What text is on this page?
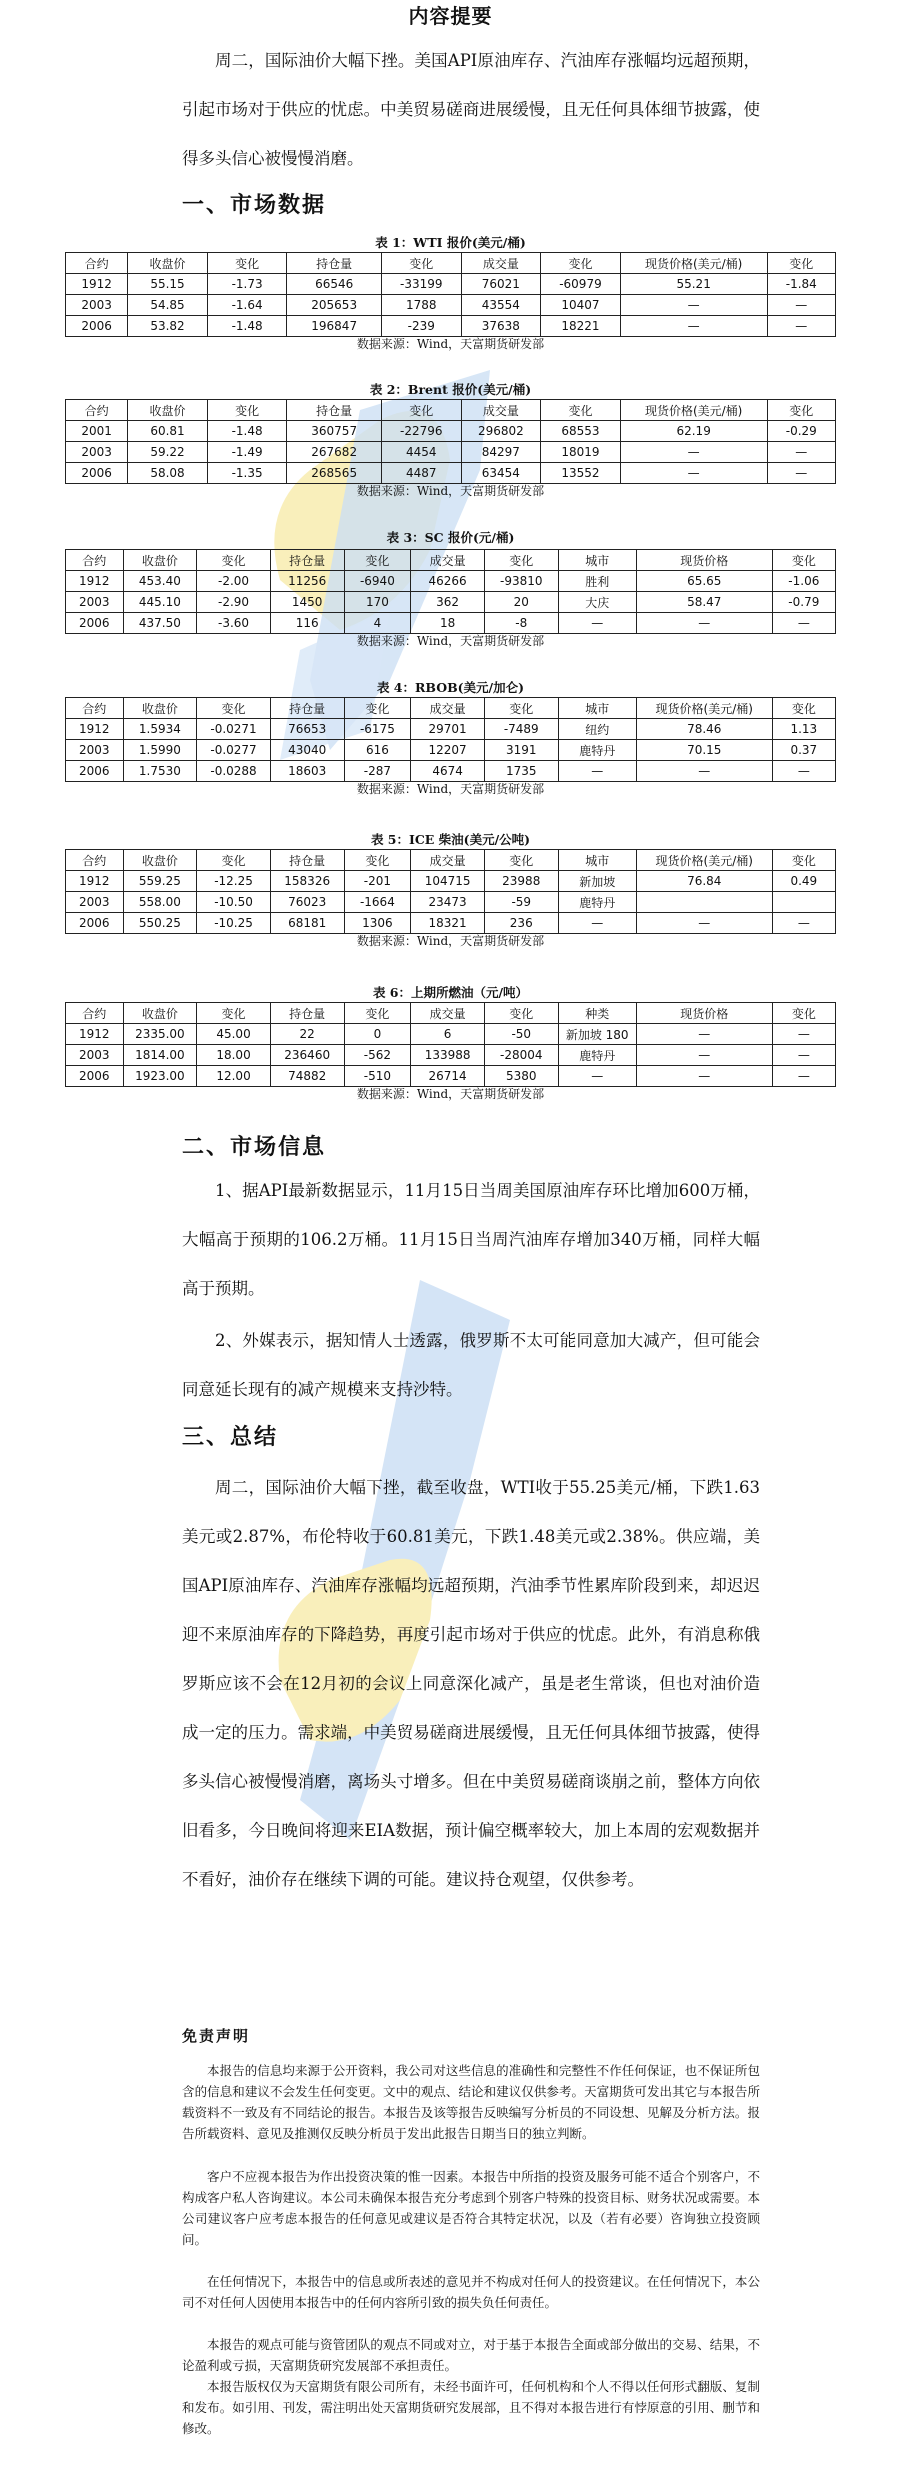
内容提要
周二，国际油价大幅下挫。美国API原油库存、汽油库存涨幅均远超预期，引起市场对于供应的忧虑。中美贸易磋商进展缓慢，且无任何具体细节披露，使得多头信心被慢慢消磨。
一、市场数据
表 1：WTI 报价(美元/桶)
合约	收盘价	变化	持仓量	变化	成交量	变化	现货价格(美元/桶)	变化
1912	55.15	-1.73	66546	-33199	76021	-60979	55.21	-1.84
2003	54.85	-1.64	205653	1788	43554	10407	—	—
2006	53.82	-1.48	196847	-239	37638	18221	—	—
数据来源：Wind，天富期货研发部
表 2：Brent 报价(美元/桶)
合约	收盘价	变化	持仓量	变化	成交量	变化	现货价格(美元/桶)	变化
2001	60.81	-1.48	360757	-22796	296802	68553	62.19	-0.29
2003	59.22	-1.49	267682	4454	84297	18019	—	—
2006	58.08	-1.35	268565	4487	63454	13552	—	—
数据来源：Wind，天富期货研发部
表 3：SC 报价(元/桶)
合约	收盘价	变化	持仓量	变化	成交量	变化	城市	现货价格	变化
1912	453.40	-2.00	11256	-6940	46266	-93810	胜利	65.65	-1.06
2003	445.10	-2.90	1450	170	362	20	大庆	58.47	-0.79
2006	437.50	-3.60	116	4	18	-8	—	—	—
数据来源：Wind，天富期货研发部
表 4：RBOB(美元/加仑)
合约	收盘价	变化	持仓量	变化	成交量	变化	城市	现货价格(美元/桶)	变化
1912	1.5934	-0.0271	76653	-6175	29701	-7489	纽约	78.46	1.13
2003	1.5990	-0.0277	43040	616	12207	3191	鹿特丹	70.15	0.37
2006	1.7530	-0.0288	18603	-287	4674	1735	—	—	—
数据来源：Wind，天富期货研发部
表 5：ICE 柴油(美元/公吨)
合约	收盘价	变化	持仓量	变化	成交量	变化	城市	现货价格(美元/桶)	变化
1912	559.25	-12.25	158326	-201	104715	23988	新加坡	76.84	0.49
2003	558.00	-10.50	76023	-1664	23473	-59	鹿特丹		
2006	550.25	-10.25	68181	1306	18321	236	—	—	—
数据来源：Wind，天富期货研发部
表 6：上期所燃油（元/吨）
合约	收盘价	变化	持仓量	变化	成交量	变化	种类	现货价格	变化
1912	2335.00	45.00	22	0	6	-50	新加坡 180	—	—
2003	1814.00	18.00	236460	-562	133988	-28004	鹿特丹	—	—
2006	1923.00	12.00	74882	-510	26714	5380	—	—	—
数据来源：Wind，天富期货研发部
二、市场信息
1、据API最新数据显示，11月15日当周美国原油库存环比增加600万桶，大幅高于预期的106.2万桶。11月15日当周汽油库存增加340万桶，同样大幅高于预期。
2、外媒表示，据知情人士透露，俄罗斯不太可能同意加大减产，但可能会同意延长现有的减产规模来支持沙特。
三、总结
周二，国际油价大幅下挫，截至收盘，WTI收于55.25美元/桶，下跌1.63美元或2.87%，布伦特收于60.81美元，下跌1.48美元或2.38%。供应端，美国API原油库存、汽油库存涨幅均远超预期，汽油季节性累库阶段到来，却迟迟迎不来原油库存的下降趋势，再度引起市场对于供应的忧虑。此外，有消息称俄罗斯应该不会在12月初的会议上同意深化减产，虽是老生常谈，但也对油价造成一定的压力。需求端，中美贸易磋商进展缓慢，且无任何具体细节披露，使得多头信心被慢慢消磨，离场头寸增多。但在中美贸易磋商谈崩之前，整体方向依旧看多，今日晚间将迎来EIA数据，预计偏空概率较大，加上本周的宏观数据并不看好，油价存在继续下调的可能。建议持仓观望，仅供参考。
免责声明
本报告的信息均来源于公开资料，我公司对这些信息的准确性和完整性不作任何保证，也不保证所包含的信息和建议不会发生任何变更。文中的观点、结论和建议仅供参考。天富期货可发出其它与本报告所载资料不一致及有不同结论的报告。本报告及该等报告反映编写分析员的不同设想、见解及分析方法。报告所载资料、意见及推测仅反映分析员于发出此报告日期当日的独立判断。
客户不应视本报告为作出投资决策的惟一因素。本报告中所指的投资及服务可能不适合个别客户，不构成客户私人咨询建议。本公司未确保本报告充分考虑到个别客户特殊的投资目标、财务状况或需要。本公司建议客户应考虑本报告的任何意见或建议是否符合其特定状况，以及（若有必要）咨询独立投资顾问。
在任何情况下，本报告中的信息或所表述的意见并不构成对任何人的投资建议。在任何情况下，本公司不对任何人因使用本报告中的任何内容所引致的损失负任何责任。
本报告的观点可能与资管团队的观点不同或对立，对于基于本报告全面或部分做出的交易、结果，不论盈利或亏损，天富期货研究发展部不承担责任。
本报告版权仅为天富期货有限公司所有，未经书面许可，任何机构和个人不得以任何形式翻版、复制和发布。如引用、刊发，需注明出处天富期货研究发展部，且不得对本报告进行有悖原意的引用、删节和修改。
